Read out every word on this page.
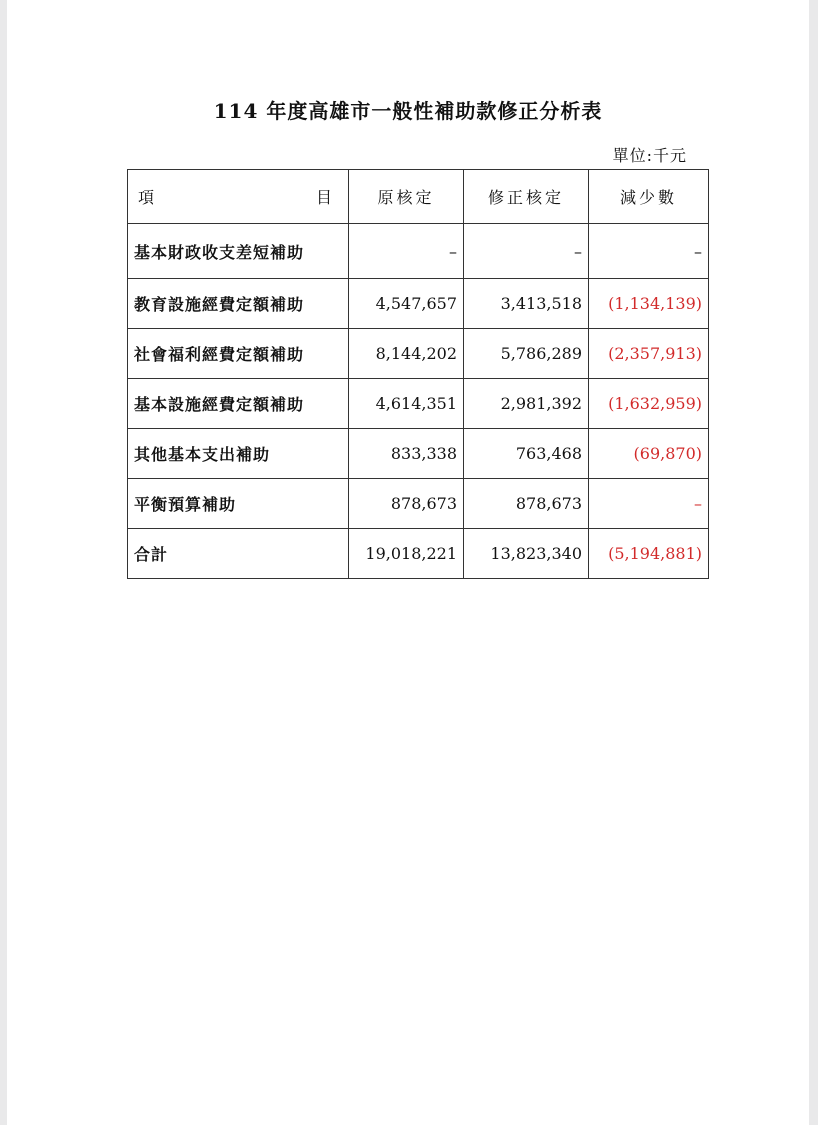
114 年度高雄市一般性補助款修正分析表
單位:千元
項 目	原核定	修正核定	減少數
基本財政收支差短補助	–	–	–
教育設施經費定額補助	4,547,657	3,413,518	(1,134,139)
社會福利經費定額補助	8,144,202	5,786,289	(2,357,913)
基本設施經費定額補助	4,614,351	2,981,392	(1,632,959)
其他基本支出補助	833,338	763,468	(69,870)
平衡預算補助	878,673	878,673	–
合計	19,018,221	13,823,340	(5,194,881)
